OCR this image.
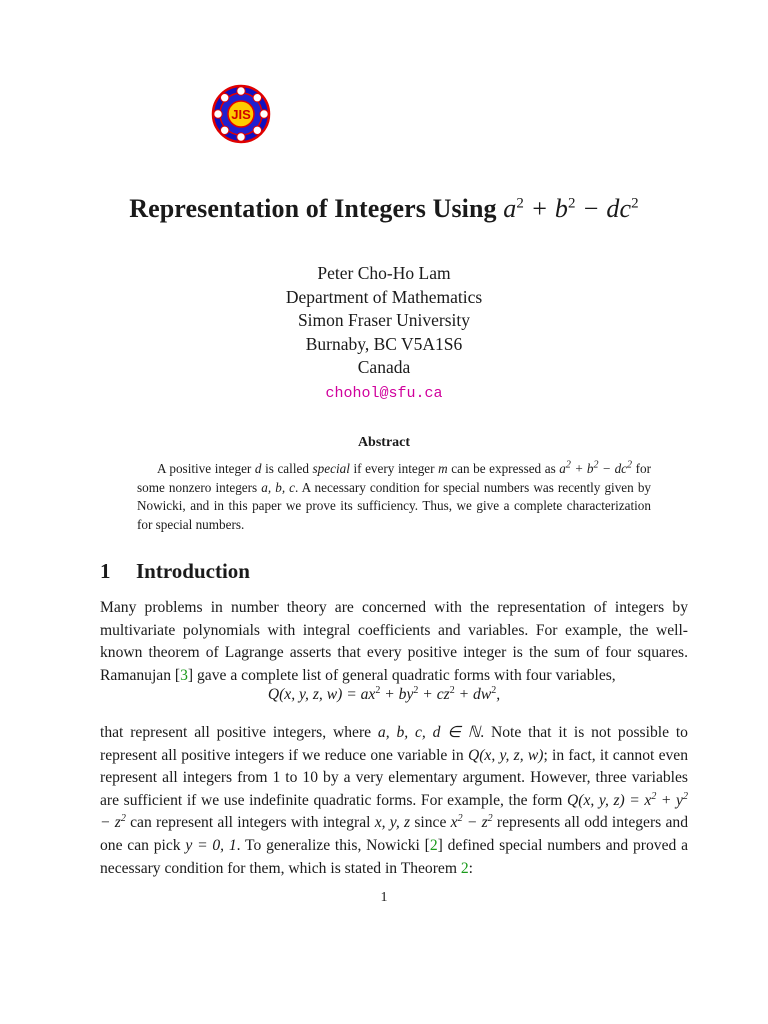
JIS
Representation of Integers Using $a^2 + b^2 - dc^2$
Peter Cho-Ho Lam
Department of Mathematics
Simon Fraser University
Burnaby, BC V5A1S6
Canada
chohol@sfu.ca
Abstract
A positive integer d is called special if every integer m can be expressed as $a^2 + b^2 - dc^2$ for some nonzero integers a, b, c. A necessary condition for special numbers was recently given by Nowicki, and in this paper we prove its sufficiency. Thus, we give a complete characterization for special numbers.
1 Introduction
Many problems in number theory are concerned with the representation of integers by multivariate polynomials with integral coefficients and variables. For example, the well-known theorem of Lagrange asserts that every positive integer is the sum of four squares. Ramanujan [3] gave a complete list of general quadratic forms with four variables,
Q(x, y, z, $w) = ax^2 + by^2 + cz^2 + dw^2$,
that represent all positive integers, where a, b, c, d ∈ ℕ. Note that it is not possible to represent all positive integers if we reduce one variable in Q(x, y, z, w); in fact, it cannot even represent all integers from 1 to 10 by a very elementary argument. However, three variables are sufficient if we use indefinite quadratic forms. For example, the form Q(x, y, $z) = x^2 + y^2 - z^2$ can represent all integers with integral x, y, z since $x^2 - z^2$ represents all odd integers and one can pick y = 0, 1. To generalize this, Nowicki [2] defined special numbers and proved a necessary condition for them, which is stated in Theorem 2:
1
